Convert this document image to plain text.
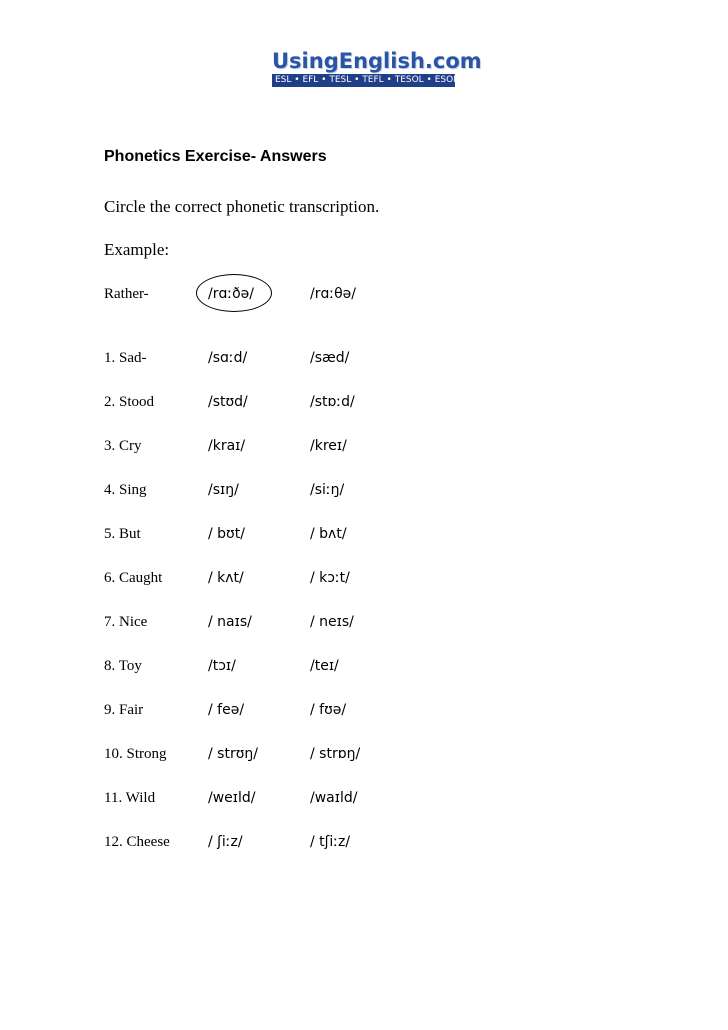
UsingEnglish.com
ESL • EFL • TESL • TEFL • TESOL • ESOL
Phonetics Exercise- Answers
Circle the correct phonetic transcription.
Example:
Rather-	/rɑːðə/	/rɑːθə/
1. Sad-	/sɑːd/	/sæd/
2. Stood	/stʊd/	/stɒːd/
3. Cry	/kraɪ/	/kreɪ/
4. Sing	/sɪŋ/	/siːŋ/
5. But	/ bʊt/	/ bʌt/
6. Caught	/ kʌt/	/ kɔːt/
7. Nice	/ naɪs/	/ neɪs/
8. Toy	/tɔɪ/	/teɪ/
9. Fair	/ feə/	/ fʊə/
10. Strong	/ strʊŋ/	/ strɒŋ/
11. Wild	/weɪld/	/waɪld/
12. Cheese	/ ʃiːz/	/ tʃiːz/
